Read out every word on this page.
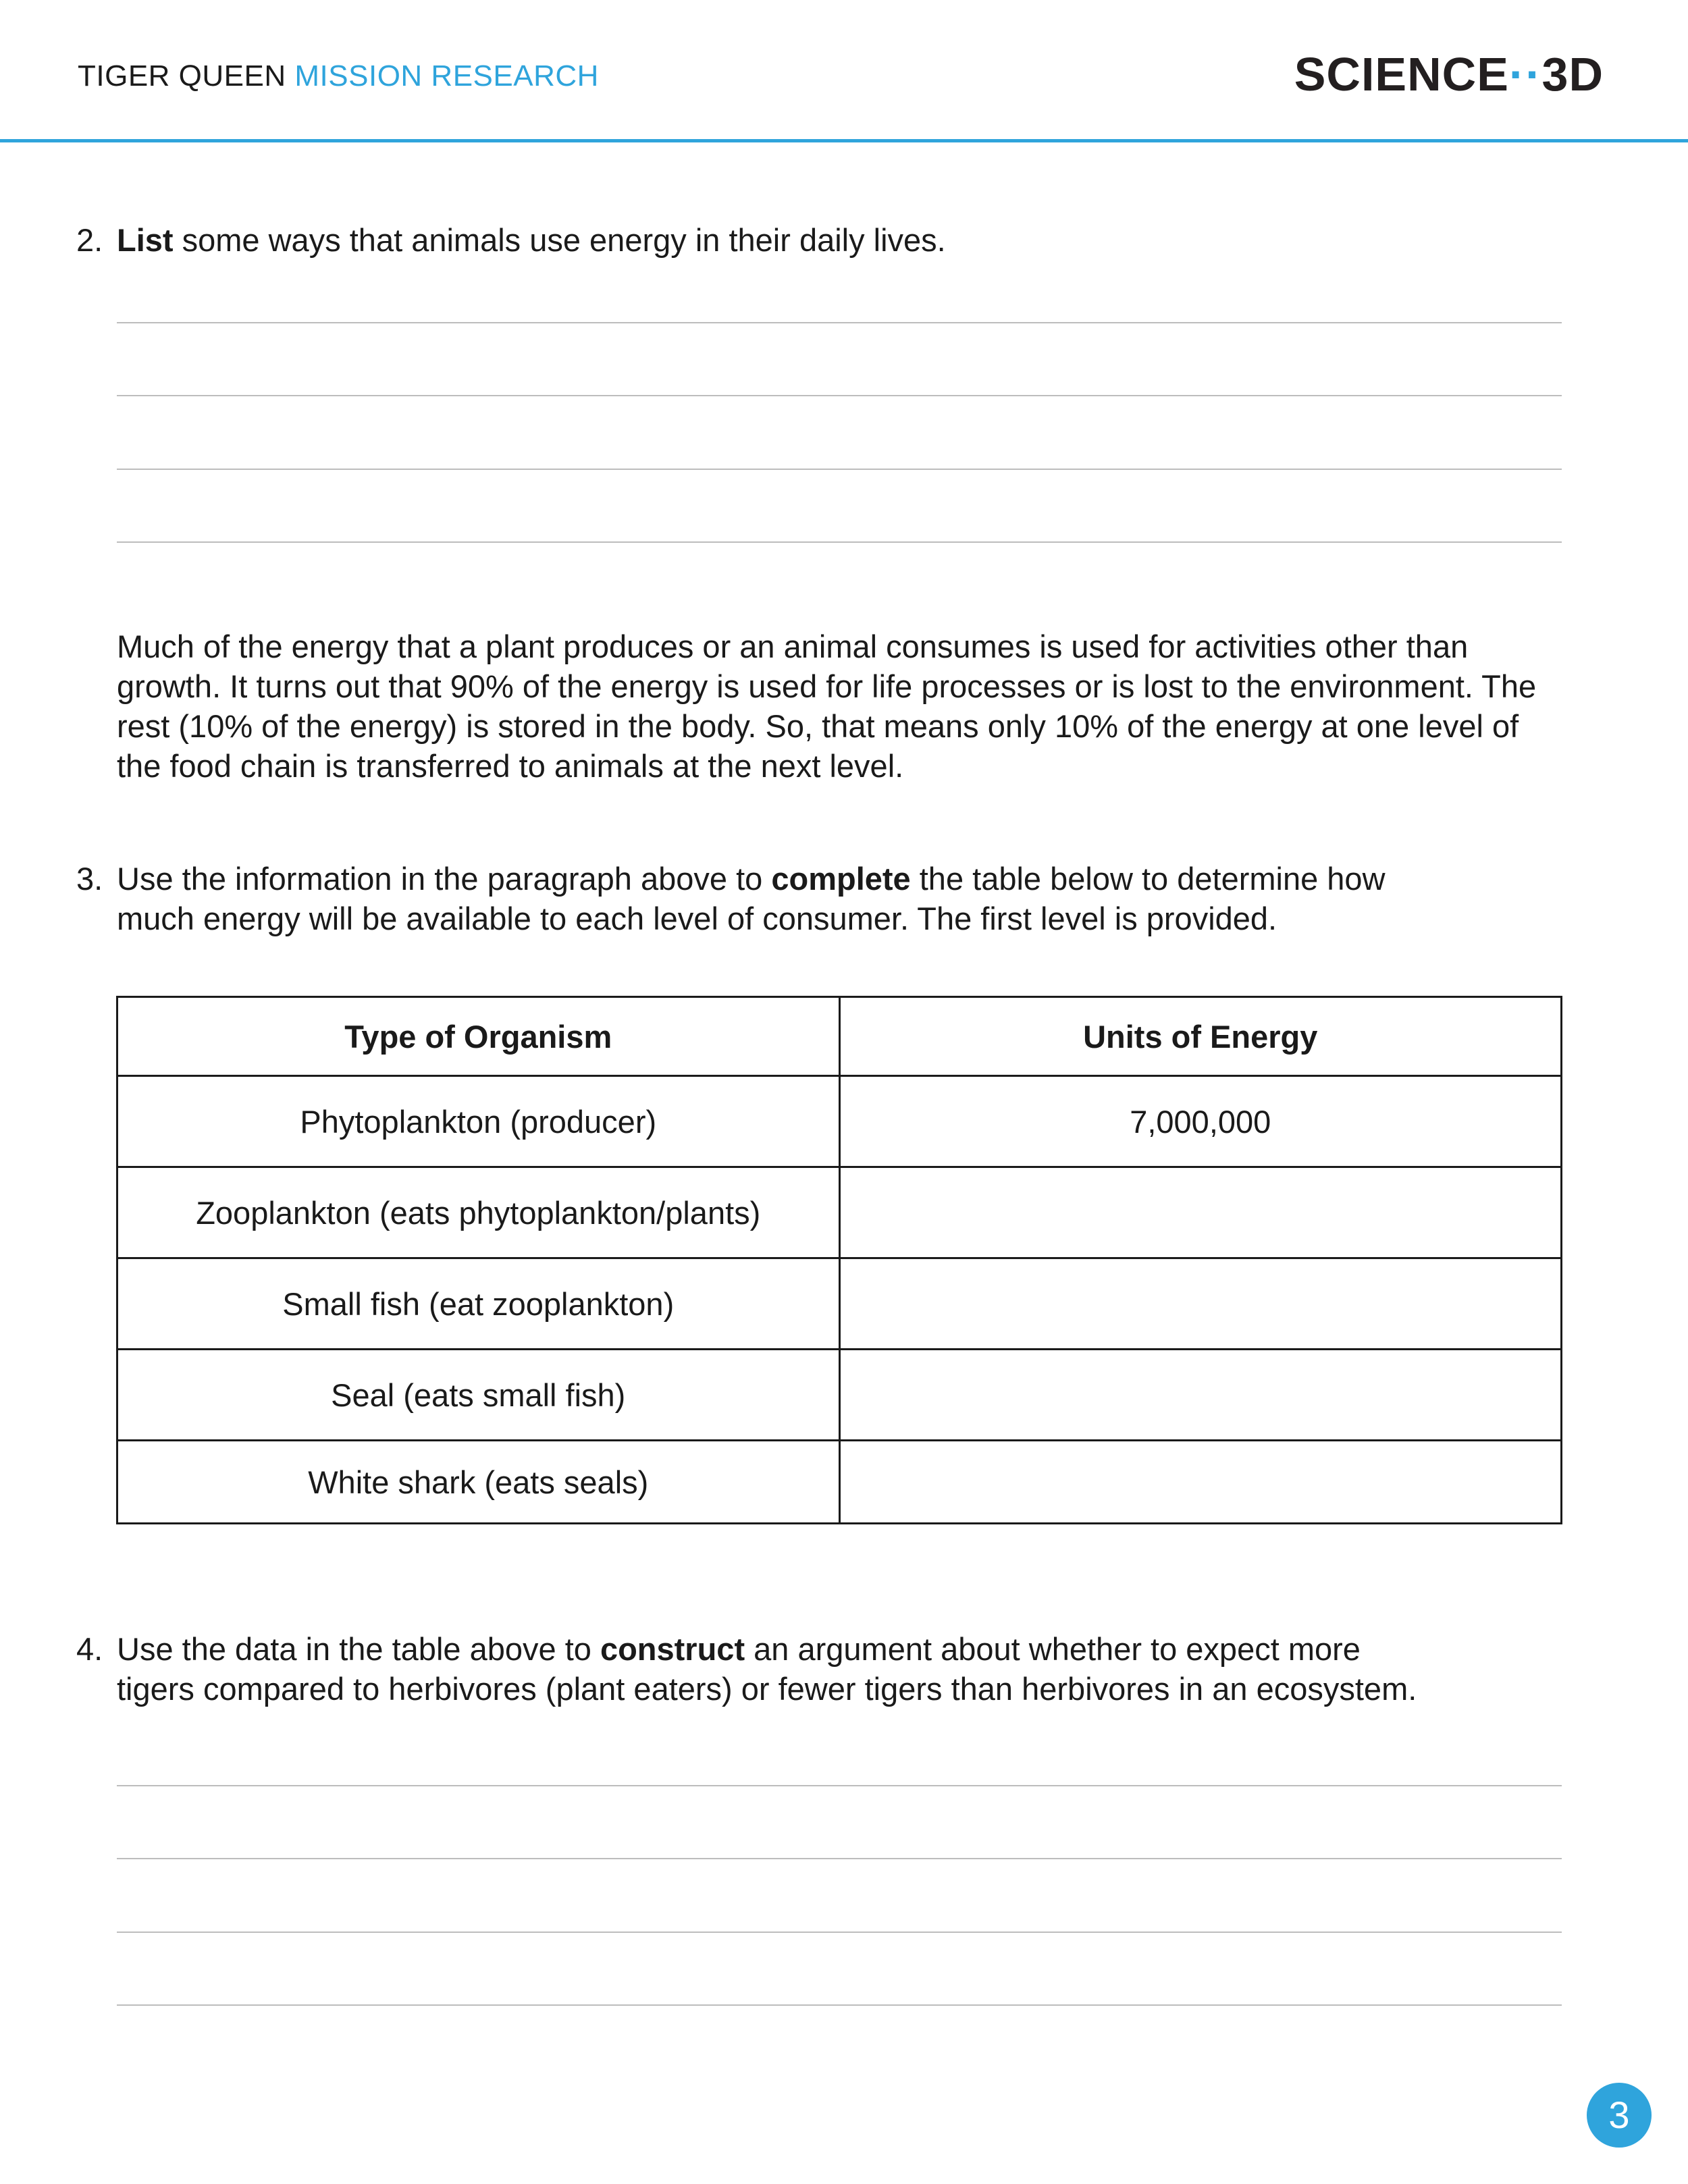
TIGER QUEEN MISSION RESEARCH	SCIENCE··3D
2. List some ways that animals use energy in their daily lives.
Much of the energy that a plant produces or an animal consumes is used for activities other than growth. It turns out that 90% of the energy is used for life processes or is lost to the environment. The rest (10% of the energy) is stored in the body. So, that means only 10% of the energy at one level of the food chain is transferred to animals at the next level.
3. Use the information in the paragraph above to complete the table below to determine how
much energy will be available to each level of consumer. The first level is provided.
Type of Organism	Units of Energy
Phytoplankton (producer)	7,000,000
Zooplankton (eats phytoplankton/plants)	
Small fish (eat zooplankton)	
Seal (eats small fish)	
White shark (eats seals)	
4. Use the data in the table above to construct an argument about whether to expect more
tigers compared to herbivores (plant eaters) or fewer tigers than herbivores in an ecosystem.
3
